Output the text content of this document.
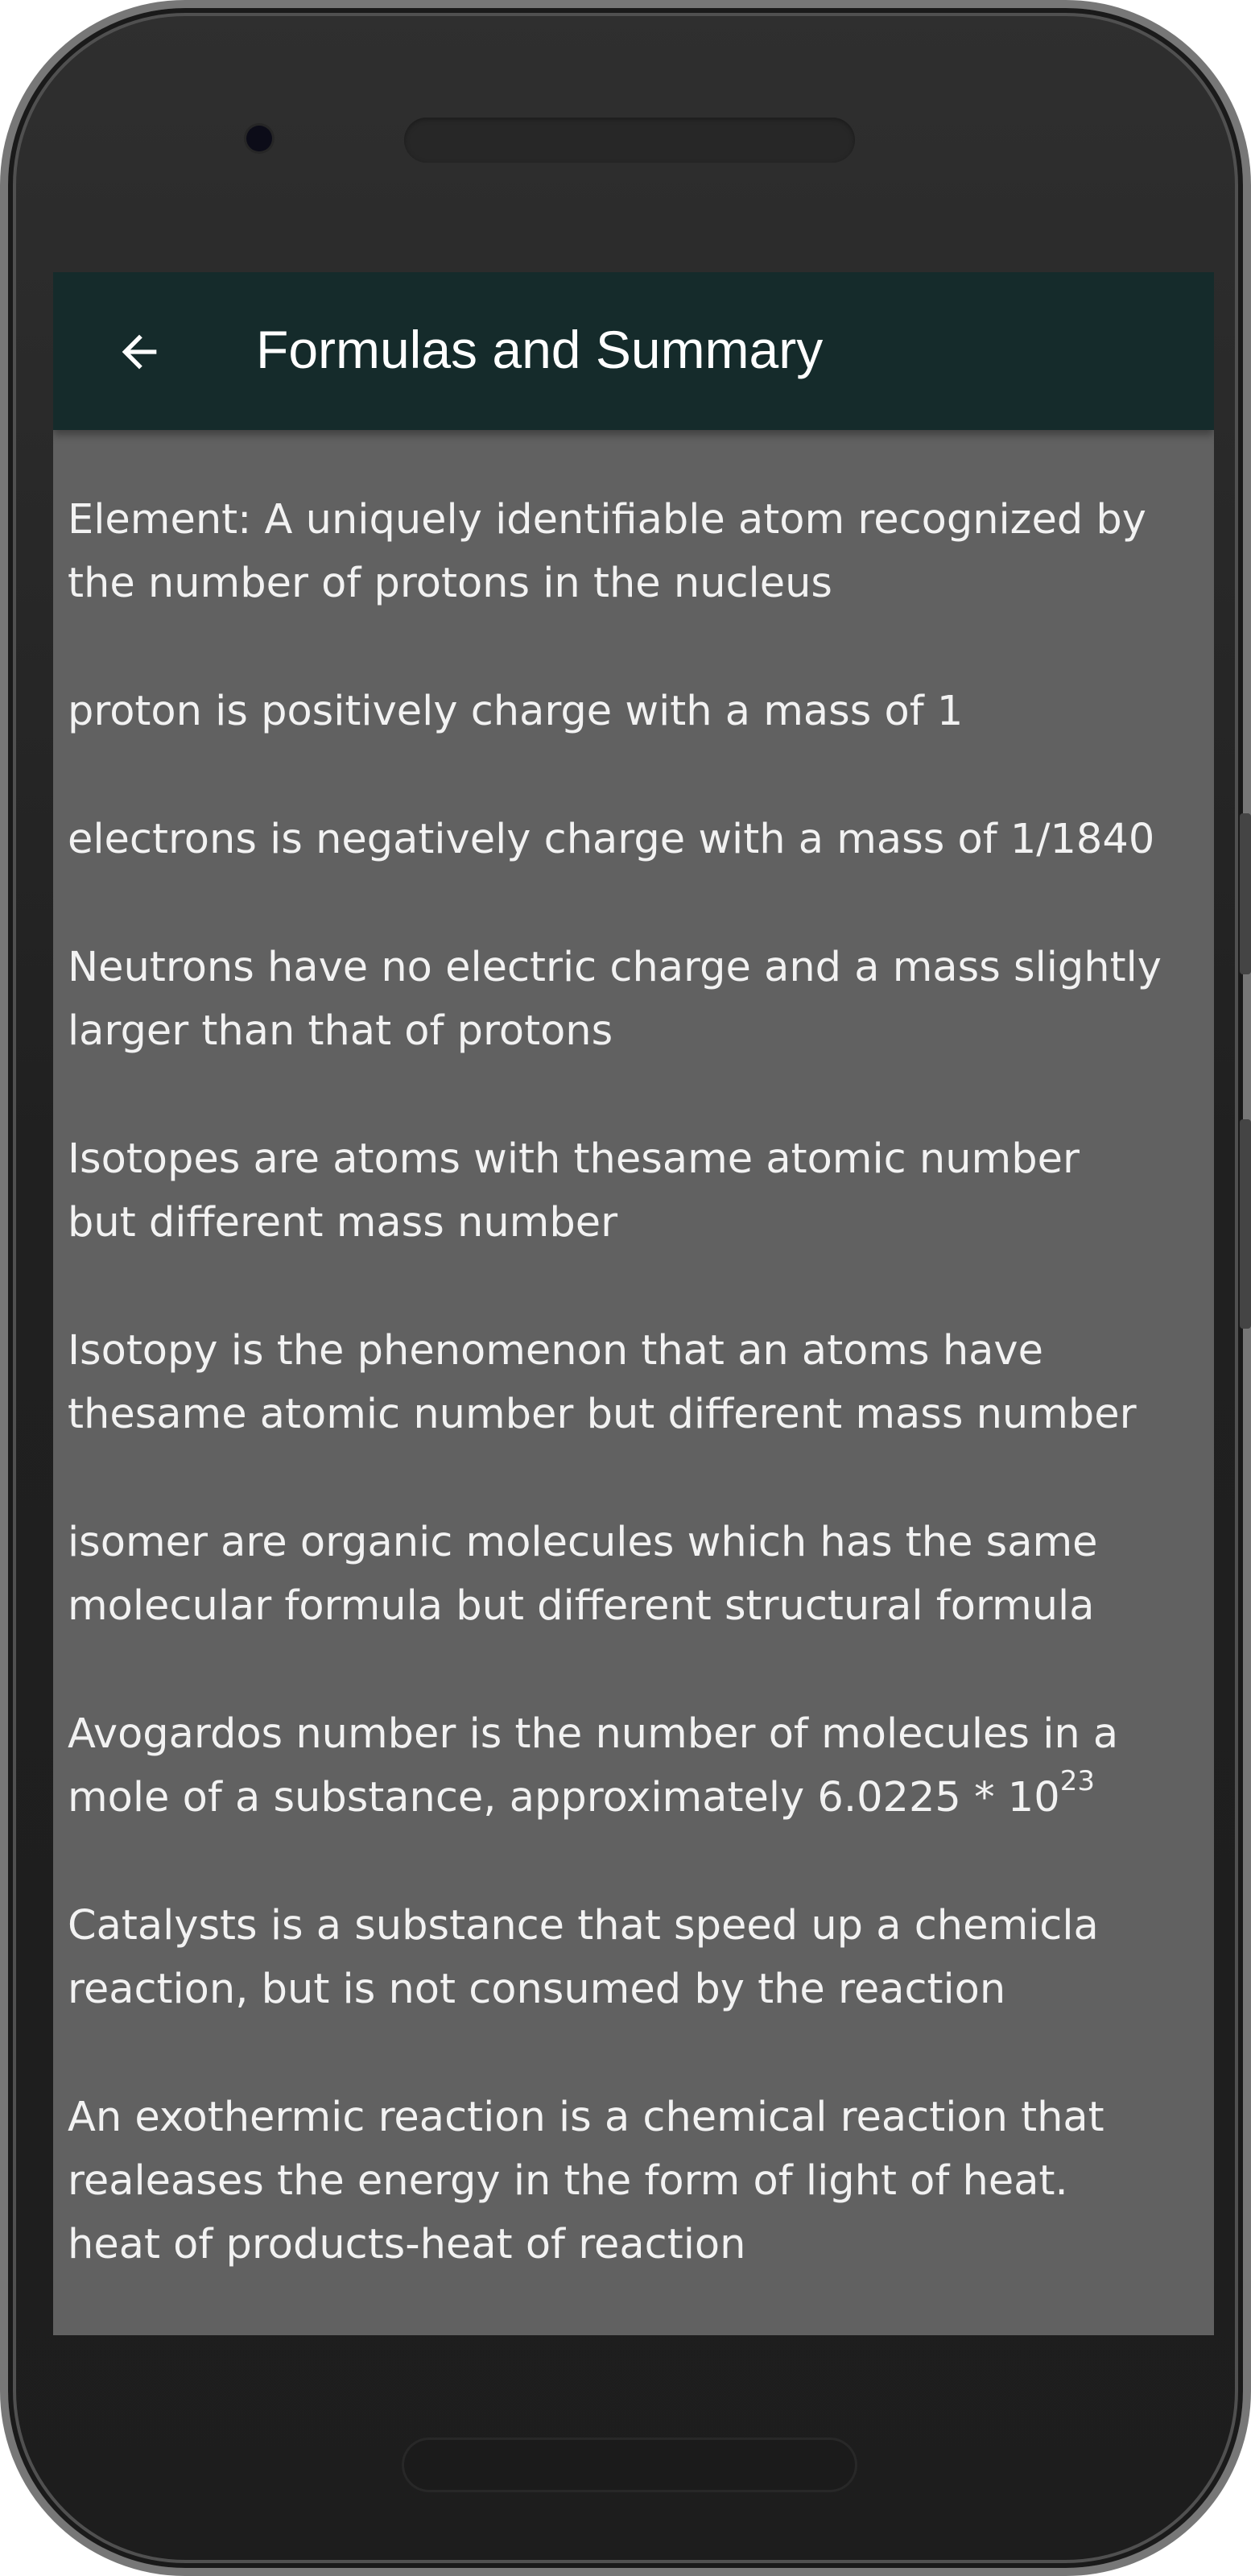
Formulas and Summary

Element: A uniquely identifiable atom recognized by
the number of protons in the nucleus

proton is positively charge with a mass of 1

electrons is negatively charge with a mass of 1/1840

Neutrons have no electric charge and a mass slightly
larger than that of protons

Isotopes are atoms with thesame atomic number
but different mass number

Isotopy is the phenomenon that an atoms have
thesame atomic number but different mass number

isomer are organic molecules which has the same
molecular formula but different structural formula

Avogardos number is the number of molecules in a
mole of a substance, approximately $6.0225 * 10^{23}$

Catalysts is a substance that speed up a chemicla
reaction, but is not consumed by the reaction

An exothermic reaction is a chemical reaction that
realeases the energy in the form of light of heat.
heat of products-heat of reaction
